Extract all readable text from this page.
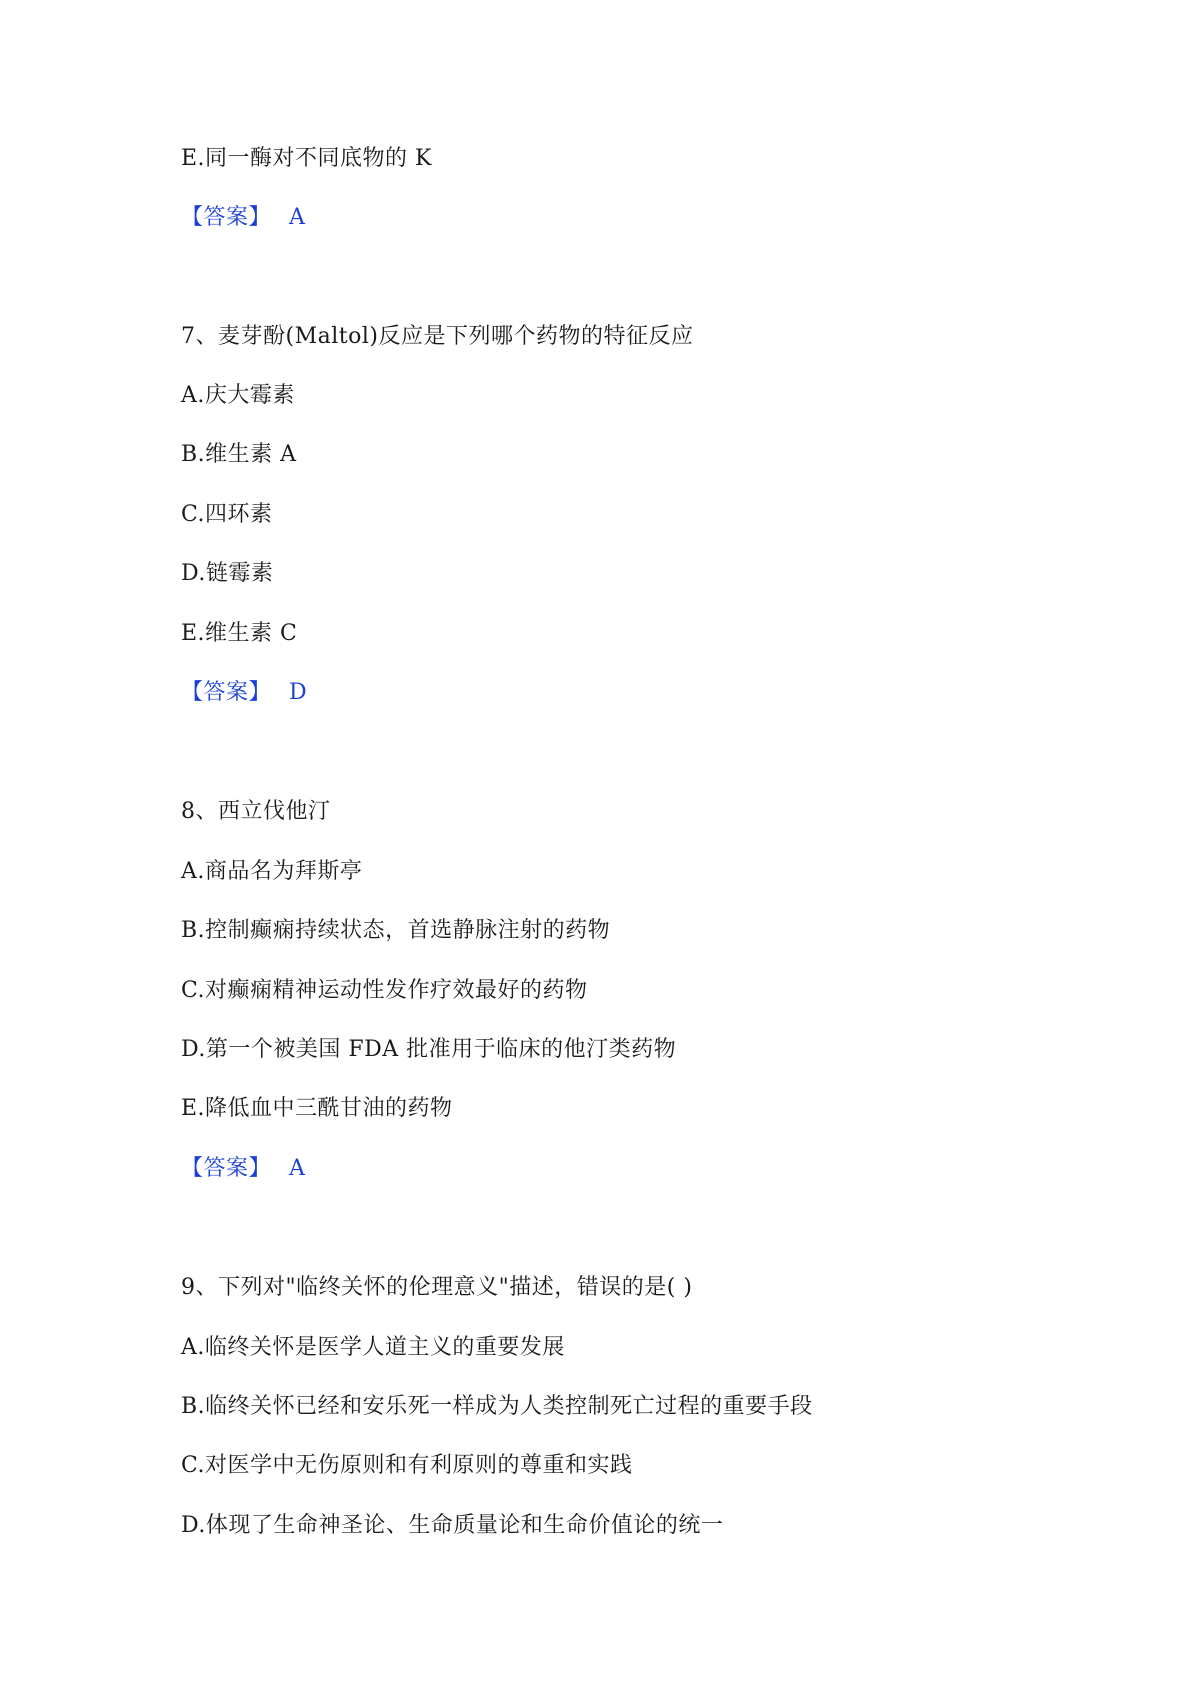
E.同一酶对不同底物的 K
【答案】 A
7、麦芽酚(Maltol)反应是下列哪个药物的特征反应
A.庆大霉素
B.维生素 A
C.四环素
D.链霉素
E.维生素 C
【答案】 D
8、西立伐他汀
A.商品名为拜斯亭
B.控制癫痫持续状态，首选静脉注射的药物
C.对癫痫精神运动性发作疗效最好的药物
D.第一个被美国 FDA 批准用于临床的他汀类药物
E.降低血中三酰甘油的药物
【答案】 A
9、下列对"临终关怀的伦理意义"描述，错误的是( )
A.临终关怀是医学人道主义的重要发展
B.临终关怀已经和安乐死一样成为人类控制死亡过程的重要手段
C.对医学中无伤原则和有利原则的尊重和实践
D.体现了生命神圣论、生命质量论和生命价值论的统一
